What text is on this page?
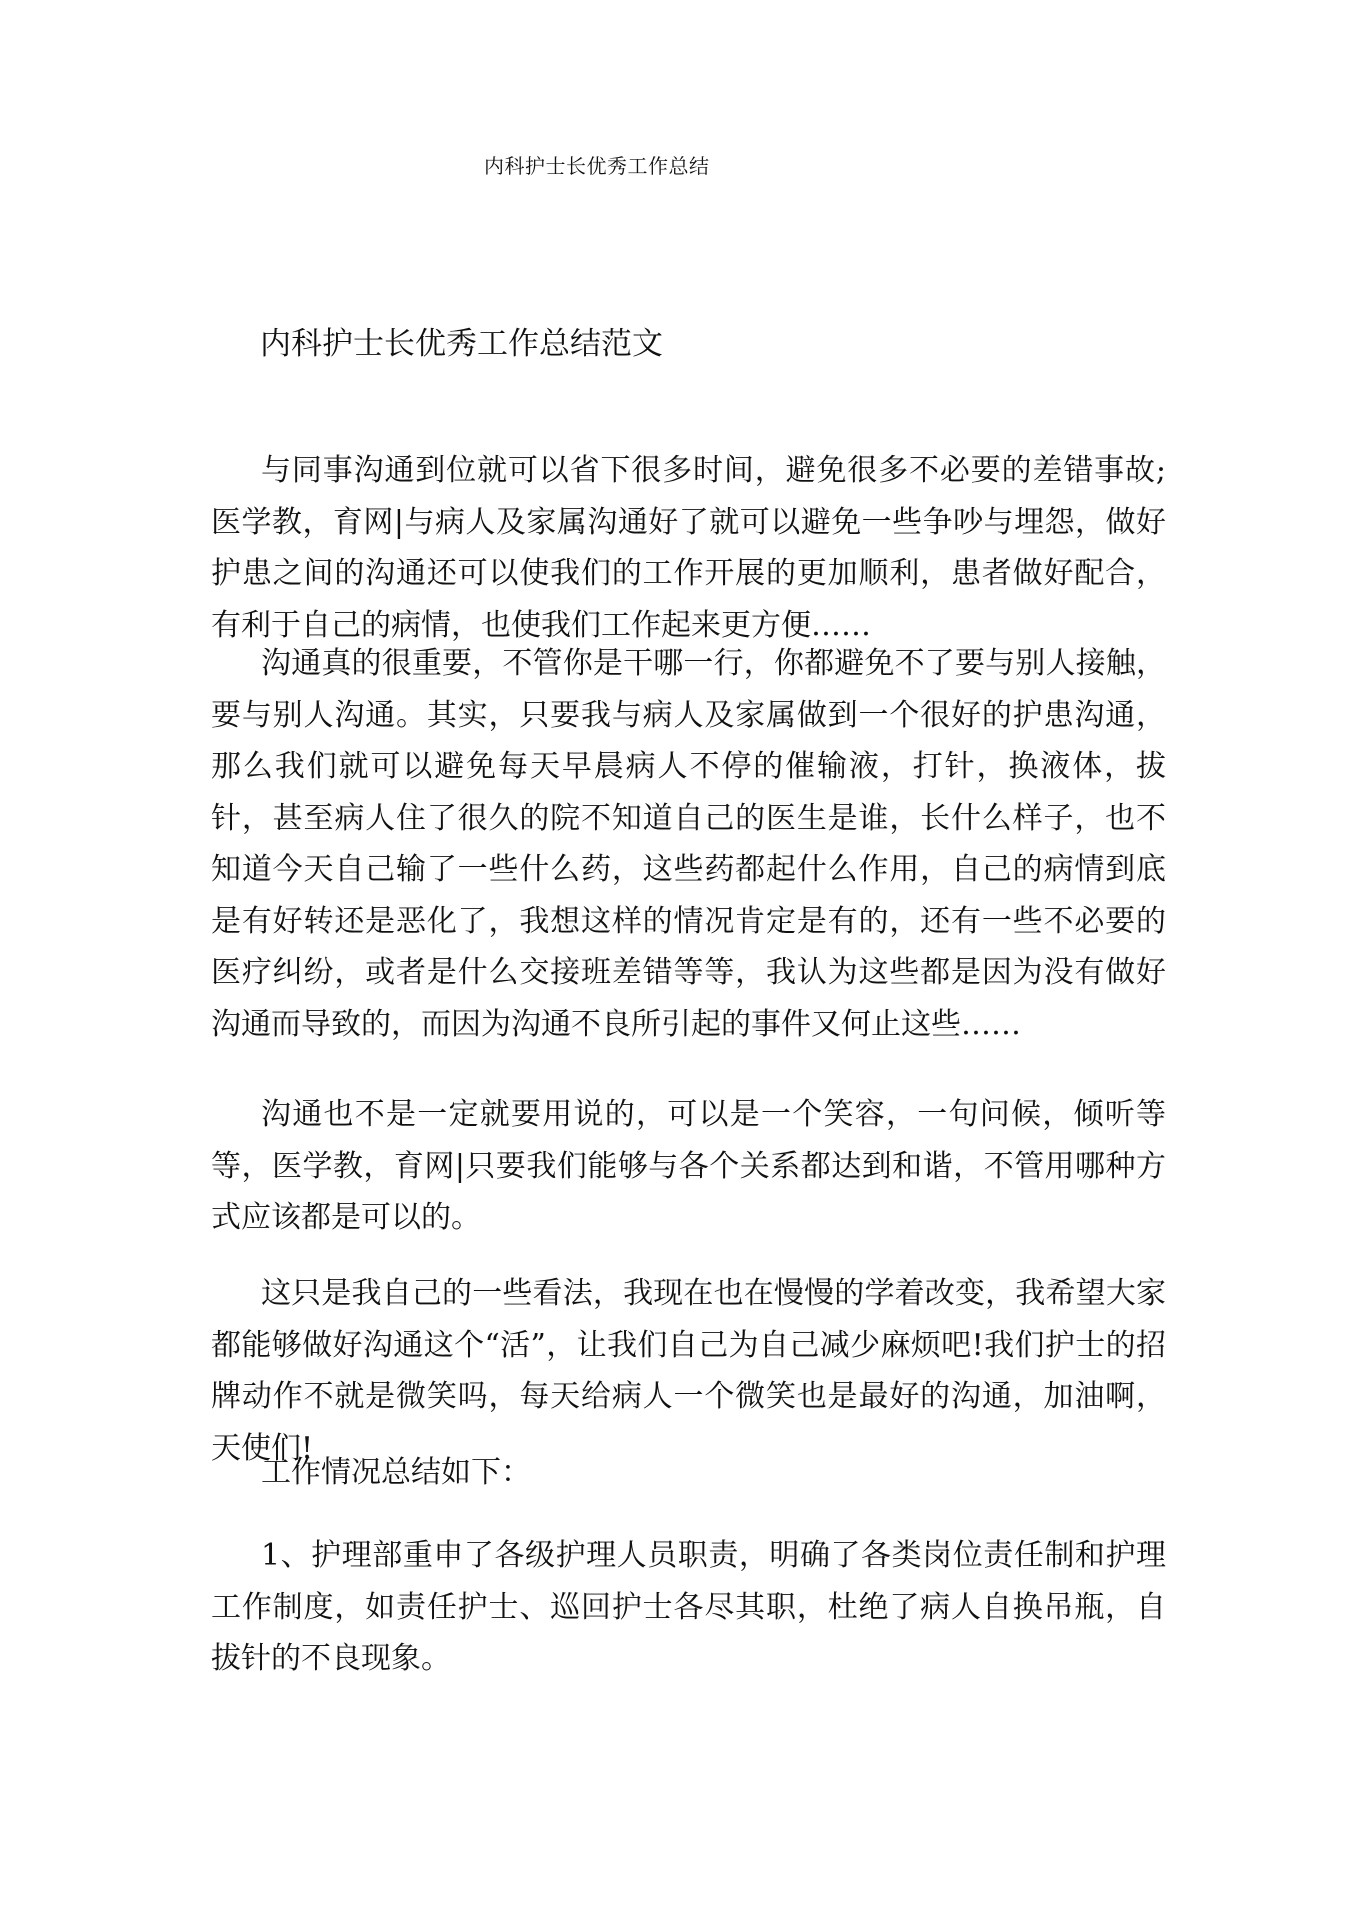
内科护士长优秀工作总结
内科护士长优秀工作总结范文

与同事沟通到位就可以省下很多时间，避免很多不必要的差错事故;医学教，育网|与病人及家属沟通好了就可以避免一些争吵与埋怨，做好护患之间的沟通还可以使我们的工作开展的更加顺利，患者做好配合，有利于自己的病情，也使我们工作起来更方便……

沟通真的很重要，不管你是干哪一行，你都避免不了要与别人接触，要与别人沟通。其实，只要我与病人及家属做到一个很好的护患沟通，那么我们就可以避免每天早晨病人不停的催输液，打针，换液体，拔针，甚至病人住了很久的院不知道自己的医生是谁，长什么样子，也不知道今天自己输了一些什么药，这些药都起什么作用，自己的病情到底是有好转还是恶化了，我想这样的情况肯定是有的，还有一些不必要的医疗纠纷，或者是什么交接班差错等等，我认为这些都是因为没有做好沟通而导致的，而因为沟通不良所引起的事件又何止这些……

沟通也不是一定就要用说的，可以是一个笑容，一句问候，倾听等等，医学教，育网|只要我们能够与各个关系都达到和谐，不管用哪种方式应该都是可以的。

这只是我自己的一些看法，我现在也在慢慢的学着改变，我希望大家都能够做好沟通这个“活”，让我们自己为自己减少麻烦吧!我们护士的招牌动作不就是微笑吗，每天给病人一个微笑也是最好的沟通，加油啊，天使们!

工作情况总结如下：

1、护理部重申了各级护理人员职责，明确了各类岗位责任制和护理工作制度，如责任护士、巡回护士各尽其职，杜绝了病人自换吊瓶，自拔针的不良现象。
